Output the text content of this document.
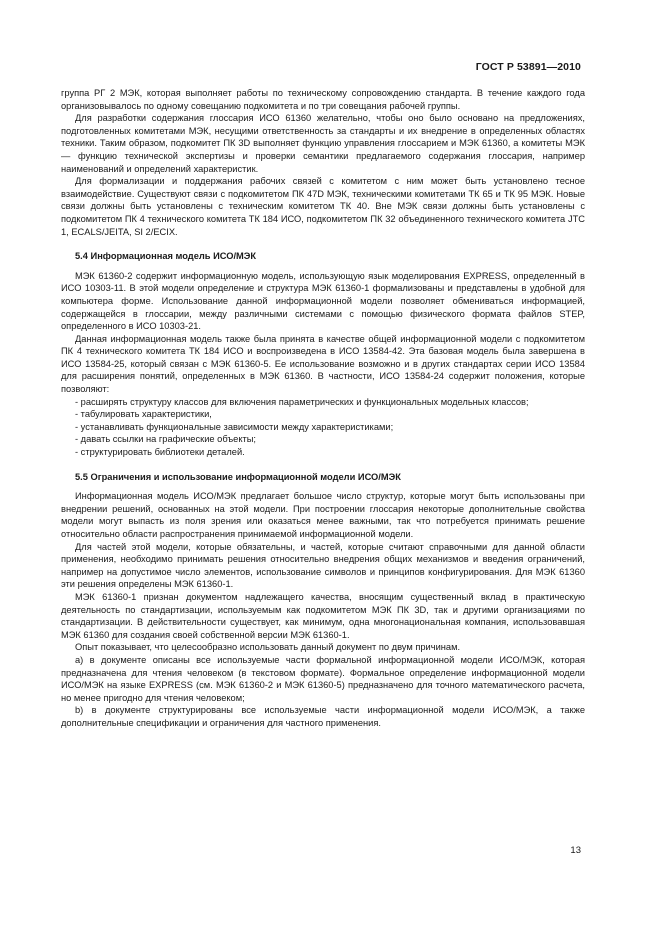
ГОСТ Р 53891—2010

группа РГ 2 МЭК, которая выполняет работы по техническому сопровождению стандарта. В течение каждого года организовывалось по одному совещанию подкомитета и по три совещания рабочей группы.

Для разработки содержания глоссария ИСО 61360 желательно, чтобы оно было основано на предложениях, подготовленных комитетами МЭК, несущими ответственность за стандарты и их внедрение в определенных областях техники. Таким образом, подкомитет ПК 3D выполняет функцию управления глоссарием и МЭК 61360, а комитеты МЭК — функцию технической экспертизы и проверки семантики предлагаемого содержания глоссария, например наименований и определений характеристик.

Для формализации и поддержания рабочих связей с комитетом с ним может быть установлено тесное взаимодействие. Существуют связи с подкомитетом ПК 47D МЭК, техническими комитетами ТК 65 и ТК 95 МЭК. Новые связи должны быть установлены с техническим комитетом ТК 40. Вне МЭК связи должны быть установлены с подкомитетом ПК 4 технического комитета ТК 184 ИСО, подкомитетом ПК 32 объединенного технического комитета JTC 1, ECALS/JEITA, SI 2/ECIX.

5.4 Информационная модель ИСО/МЭК

МЭК 61360-2 содержит информационную модель, использующую язык моделирования EXPRESS, определенный в ИСО 10303-11. В этой модели определение и структура МЭК 61360-1 формализованы и представлены в удобной для компьютера форме. Использование данной информационной модели позволяет обмениваться информацией, содержащейся в глоссарии, между различными системами с помощью физического формата файлов STEP, определенного в ИСО 10303-21.

Данная информационная модель также была принята в качестве общей информационной модели с подкомитетом ПК 4 технического комитета ТК 184 ИСО и воспроизведена в ИСО 13584-42. Эта базовая модель была завершена в ИСО 13584-25, который связан с МЭК 61360-5. Ее использование возможно и в других стандартах серии ИСО 13584 для расширения понятий, определенных в МЭК 61360. В частности, ИСО 13584-24 содержит положения, которые позволяют:

- расширять структуру классов для включения параметрических и функциональных модельных классов;

- табулировать характеристики,

- устанавливать функциональные зависимости между характеристиками;

- давать ссылки на графические объекты;

- структурировать библиотеки деталей.

5.5 Ограничения и использование информационной модели ИСО/МЭК

Информационная модель ИСО/МЭК предлагает большое число структур, которые могут быть использованы при внедрении решений, основанных на этой модели. При построении глоссария некоторые дополнительные свойства модели могут выпасть из поля зрения или оказаться менее важными, так что потребуется принимать решение относительно области распространения принимаемой информационной модели.

Для частей этой модели, которые обязательны, и частей, которые считают справочными для данной области применения, необходимо принимать решения относительно внедрения общих механизмов и введения ограничений, например на допустимое число элементов, использование символов и принципов конфигурирования. Для МЭК 61360 эти решения определены МЭК 61360-1.

МЭК 61360-1 признан документом надлежащего качества, вносящим существенный вклад в практическую деятельность по стандартизации, используемым как подкомитетом МЭК ПК 3D, так и другими организациями по стандартизации. В действительности существует, как минимум, одна многонациональная компания, использовавшая МЭК 61360 для создания своей собственной версии МЭК 61360-1.

Опыт показывает, что целесообразно использовать данный документ по двум причинам.

а) в документе описаны все используемые части формальной информационной модели ИСО/МЭК, которая предназначена для чтения человеком (в текстовом формате). Формальное определение информационной модели ИСО/МЭК на языке EXPRESS (см. МЭК 61360-2 и МЭК 61360-5) предназначено для точного математического расчета, но менее пригодно для чтения человеком;

b) в документе структурированы все используемые части информационной модели ИСО/МЭК, а также дополнительные спецификации и ограничения для частного применения.

13
